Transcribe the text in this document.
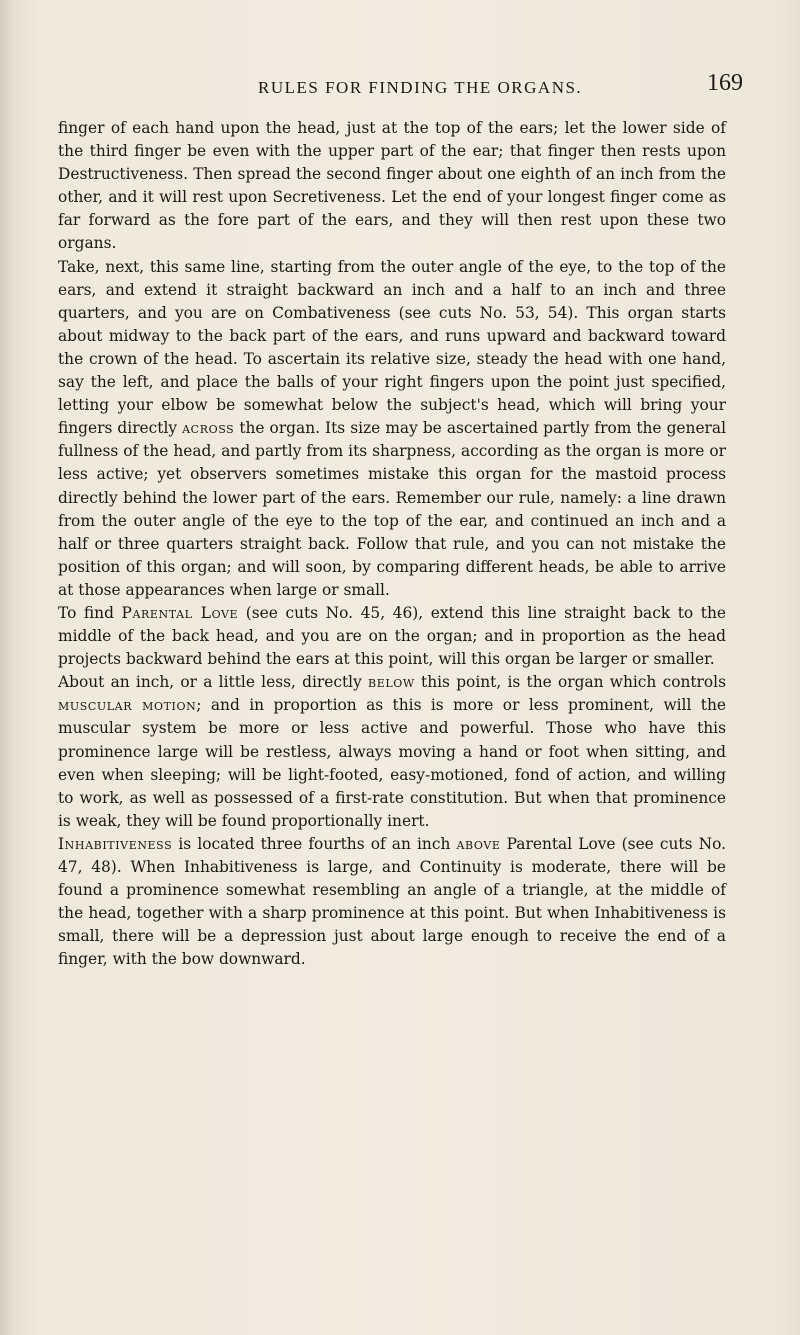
RULES FOR FINDING THE ORGANS.	169

finger of each hand upon the head, just at the top of the ears; let the lower side of the third finger be even with the upper part of the ear; that finger then rests upon Destructiveness. Then spread the second finger about one eighth of an inch from the other, and it will rest upon Secretiveness. Let the end of your longest finger come as far forward as the fore part of the ears, and they will then rest upon these two organs.

Take, next, this same line, starting from the outer angle of the eye, to the top of the ears, and extend it straight backward an inch and a half to an inch and three quarters, and you are on Combativeness (see cuts No. 53, 54). This organ starts about midway to the back part of the ears, and runs upward and backward toward the crown of the head. To ascertain its relative size, steady the head with one hand, say the left, and place the balls of your right fingers upon the point just specified, letting your elbow be somewhat below the subject's head, which will bring your fingers directly across the organ. Its size may be ascertained partly from the general fullness of the head, and partly from its sharpness, according as the organ is more or less active; yet observers sometimes mistake this organ for the mastoid process directly behind the lower part of the ears. Remember our rule, namely: a line drawn from the outer angle of the eye to the top of the ear, and continued an inch and a half or three quarters straight back. Follow that rule, and you can not mistake the position of this organ; and will soon, by comparing different heads, be able to arrive at those appearances when large or small.

To find Parental Love (see cuts No. 45, 46), extend this line straight back to the middle of the back head, and you are on the organ; and in proportion as the head projects backward behind the ears at this point, will this organ be larger or smaller.

About an inch, or a little less, directly below this point, is the organ which controls muscular motion; and in proportion as this is more or less prominent, will the muscular system be more or less active and powerful. Those who have this prominence large will be restless, always moving a hand or foot when sitting, and even when sleeping; will be light-footed, easy-motioned, fond of action, and willing to work, as well as possessed of a first-rate constitution. But when that prominence is weak, they will be found proportionally inert.

Inhabitiveness is located three fourths of an inch above Parental Love (see cuts No. 47, 48). When Inhabitiveness is large, and Continuity is moderate, there will be found a prominence somewhat resembling an angle of a triangle, at the middle of the head, together with a sharp prominence at this point. But when Inhabitiveness is small, there will be a depression just about large enough to receive the end of a finger, with the bow downward.
